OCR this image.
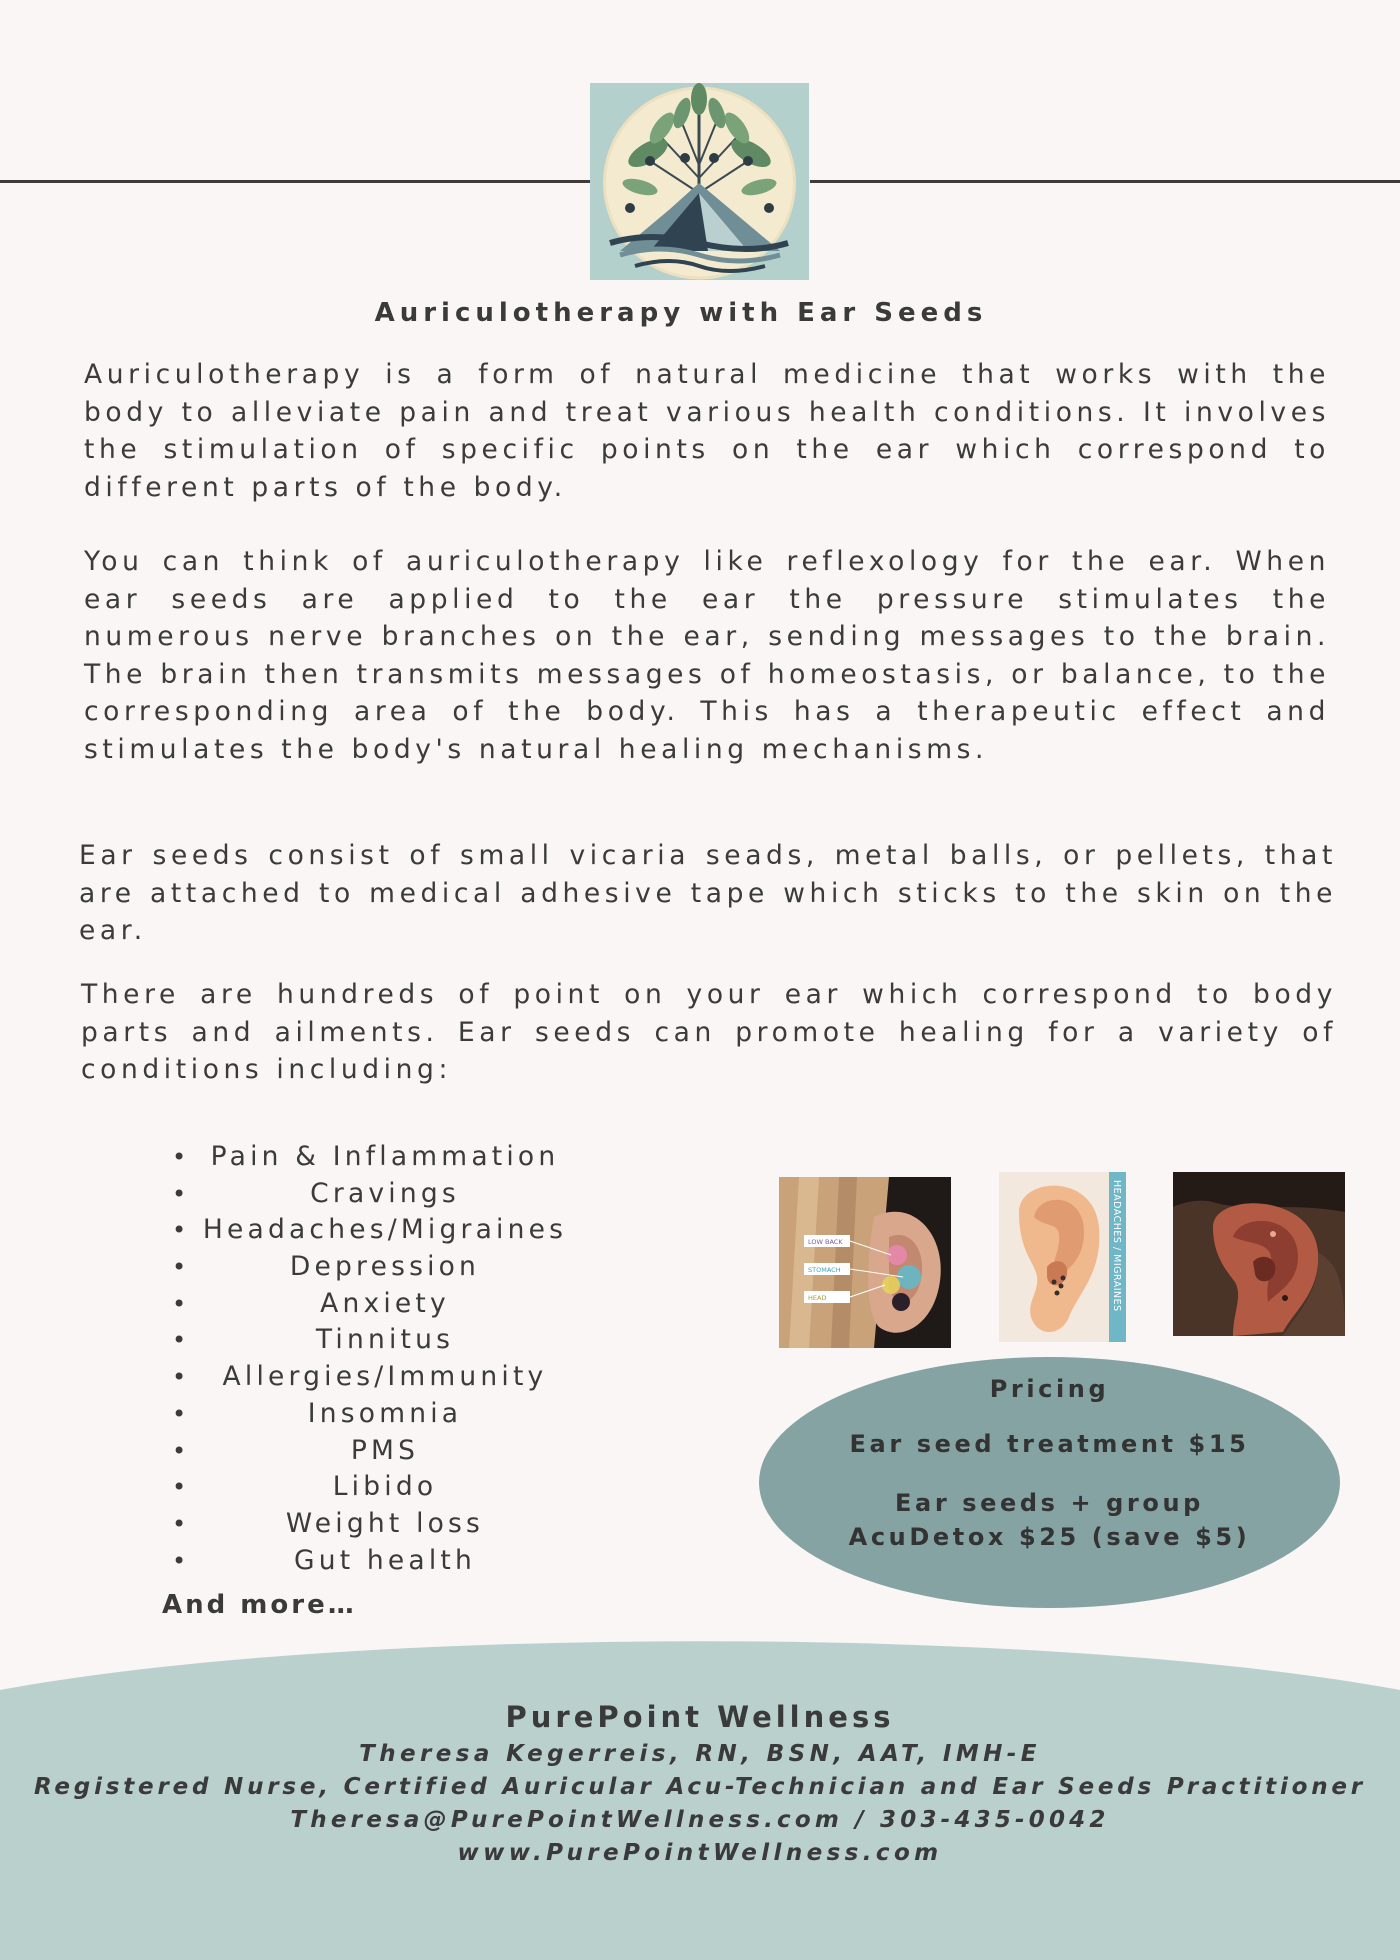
Auriculotherapy with Ear Seeds
Auriculotherapy is a form of natural medicine that works with the body to alleviate pain and treat various health conditions. It involves the stimulation of specific points on the ear which correspond to different parts of the body.
You can think of auriculotherapy like reflexology for the ear. When ear seeds are applied to the ear the pressure stimulates the numerous nerve branches on the ear, sending messages to the brain. The brain then transmits messages of homeostasis, or balance, to the corresponding area of the body. This has a therapeutic effect and stimulates the body's natural healing mechanisms.
Ear seeds consist of small vicaria seads, metal balls, or pellets, that are attached to medical adhesive tape which sticks to the skin on the ear.
There are hundreds of point on your ear which correspond to body parts and ailments. Ear seeds can promote healing for a variety of conditions including:
• Pain & Inflammation
• Cravings
• Headaches/Migraines
• Depression
• Anxiety
• Tinnitus
• Allergies/Immunity
• Insomnia
• PMS
• Libido
• Weight loss
• Gut health
And more…
LOW BACK
STOMACH
HEAD	HEADACHES / MIGRAINES
Pricing
Ear seed treatment $15
Ear seeds + group AcuDetox $25 (save $5)
PurePoint Wellness
Theresa Kegerreis, RN, BSN, AAT, IMH-E
Registered Nurse, Certified Auricular Acu-Technician and Ear Seeds Practitioner
Theresa@PurePointWellness.com / 303-435-0042
www.PurePointWellness.com
